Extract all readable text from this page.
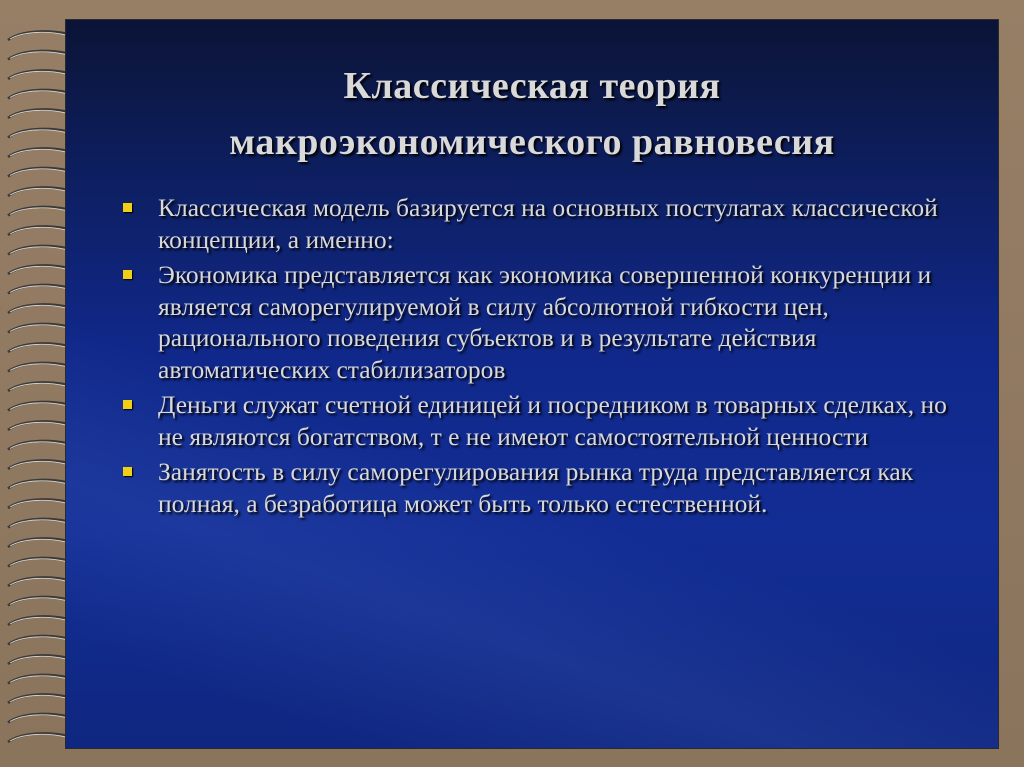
Классическая теория
макроэкономического равновесия
Классическая модель базируется на основных постулатах классической концепции, а именно:
Экономика представляется как экономика совершенной конкуренции и является саморегулируемой в силу абсолютной гибкости цен, рационального поведения субъектов и в результате действия автоматических стабилизаторов
Деньги служат счетной единицей и посредником в товарных сделках, но не являются богатством, т е не имеют самостоятельной ценности
Занятость в силу саморегулирования рынка труда представляется как полная, а безработица может быть только естественной.
